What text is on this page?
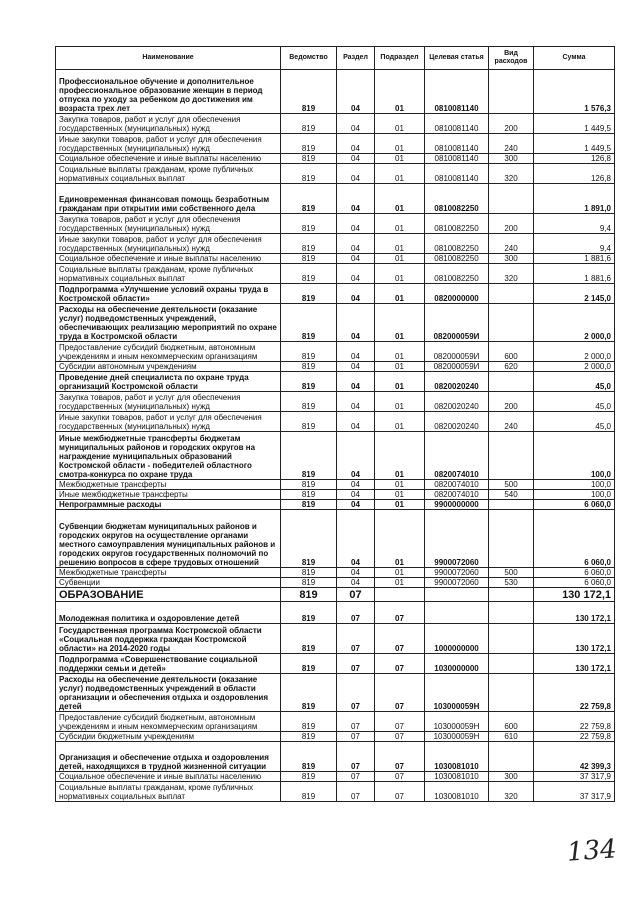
Наименование	Ведомство	Раздел	Подраздел	Целевая статья	Вид расходов	Сумма
Профессиональное обучение и дополнительное профессиональное образование женщин в период отпуска по уходу за ребенком до достижения им возраста трех лет	819	04	01	0810081140		1 576,3
Закупка товаров, работ и услуг для обеспечения государственных (муниципальных) нужд	819	04	01	0810081140	200	1 449,5
Иные закупки товаров, работ и услуг для обеспечения государственных (муниципальных) нужд	819	04	01	0810081140	240	1 449,5
Социальное обеспечение и иные выплаты населению	819	04	01	0810081140	300	126,8
Социальные выплаты гражданам, кроме публичных нормативных социальных выплат	819	04	01	0810081140	320	126,8
Единовременная финансовая помощь безработным гражданам при открытии ими собственного дела	819	04	01	0810082250		1 891,0
Закупка товаров, работ и услуг для обеспечения государственных (муниципальных) нужд	819	04	01	0810082250	200	9,4
Иные закупки товаров, работ и услуг для обеспечения государственных (муниципальных) нужд	819	04	01	0810082250	240	9,4
Социальное обеспечение и иные выплаты населению	819	04	01	0810082250	300	1 881,6
Социальные выплаты гражданам, кроме публичных нормативных социальных выплат	819	04	01	0810082250	320	1 881,6
Подпрограмма «Улучшение условий охраны труда в Костромской области»	819	04	01	0820000000		2 145,0
Расходы на обеспечение деятельности (оказание услуг) подведомственных учреждений, обеспечивающих реализацию мероприятий по охране труда в Костромской области	819	04	01	082000059И		2 000,0
Предоставление субсидий бюджетным, автономным учреждениям и иным некоммерческим организациям	819	04	01	082000059И	600	2 000,0
Субсидии автономным учреждениям	819	04	01	082000059И	620	2 000,0
Проведение дней специалиста по охране труда организаций Костромской области	819	04	01	0820020240		45,0
Закупка товаров, работ и услуг для обеспечения государственных (муниципальных) нужд	819	04	01	0820020240	200	45,0
Иные закупки товаров, работ и услуг для обеспечения государственных (муниципальных) нужд	819	04	01	0820020240	240	45,0
Иные межбюджетные трансферты бюджетам муниципальных районов и городских округов на награждение муниципальных образований Костромской области - победителей областного смотра-конкурса по охране труда	819	04	01	0820074010		100,0
Межбюджетные трансферты	819	04	01	0820074010	500	100,0
Иные межбюджетные трансферты	819	04	01	0820074010	540	100,0
Непрограммные расходы	819	04	01	9900000000		6 060,0
Субвенции бюджетам муниципальных районов и городских округов на осуществление органами местного самоуправления муниципальных районов и городских округов государственных полномочий по решению вопросов в сфере трудовых отношений	819	04	01	9900072060		6 060,0
Межбюджетные трансферты	819	04	01	9900072060	500	6 060,0
Субвенции	819	04	01	9900072060	530	6 060,0
ОБРАЗОВАНИЕ	819	07				130 172,1
Молодежная политика и оздоровление детей	819	07	07			130 172,1
Государственная программа Костромской области «Социальная поддержка граждан Костромской области» на 2014-2020 годы	819	07	07	1000000000		130 172,1
Подпрограмма «Совершенствование социальной поддержки семьи и детей»	819	07	07	1030000000		130 172,1
Расходы на обеспечение деятельности (оказание услуг) подведомственных учреждений в области организации и обеспечения отдыха и оздоровления детей	819	07	07	103000059Н		22 759,8
Предоставление субсидий бюджетным, автономным учреждениям и иным некоммерческим организациям	819	07	07	103000059Н	600	22 759,8
Субсидии бюджетным учреждениям	819	07	07	103000059Н	610	22 759,8
Организация и обеспечение отдыха и оздоровления детей, находящихся в трудной жизненной ситуации	819	07	07	1030081010		42 399,3
Социальное обеспечение и иные выплаты населению	819	07	07	1030081010	300	37 317,9
Социальные выплаты гражданам, кроме публичных нормативных социальных выплат	819	07	07	1030081010	320	37 317,9
134
